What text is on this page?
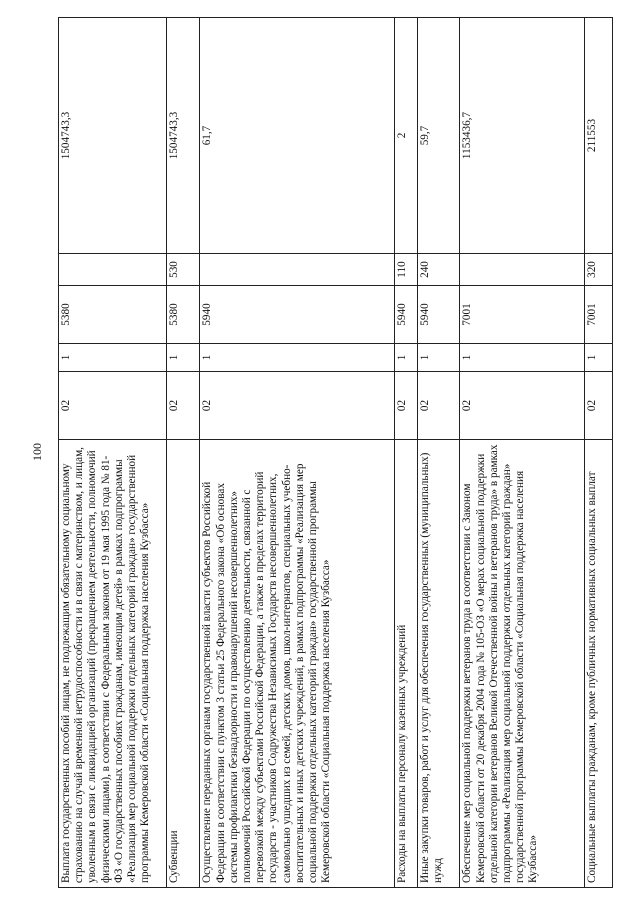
100
Выплата государственных пособий лицам, не подлежащим обязательному социальному страхованию на случай временной нетрудоспособности и в связи с материнством, и лицам, уволенным в связи с ликвидацией организаций (прекращением деятельности, полномочий физическими лицами), в соответствии с Федеральным законом от 19 мая 1995 года № 81-ФЗ «О государственных пособиях гражданам, имеющим детей» в рамках подпрограммы «Реализация мер социальной поддержки отдельных категорий граждан» государственной программы Кемеровской области «Социальная поддержка населения Кузбасса»	02	1	5380		1504743,3
Субвенции	02	1	5380	530	1504743,3
Осуществление переданных органам государственной власти субъектов Российской Федерации в соответствии с пунктом 3 статьи 25 Федерального закона «Об основах системы профилактики безнадзорности и правонарушений несовершеннолетних» полномочий Российской Федерации по осуществлению деятельности, связанной с перевозкой между субъектами Российской Федерации, а также в пределах территорий государств - участников Содружества Независимых Государств несовершеннолетних, самовольно ушедших из семей, детских домов, школ-интернатов, специальных учебно-воспитательных и иных детских учреждений, в рамках подпрограммы «Реализация мер социальной поддержки отдельных категорий граждан» государственной программы Кемеровской области «Социальная поддержка населения Кузбасса»	02	1	5940		61,7
Расходы на выплаты персоналу казенных учреждений	02	1	5940	110	2
Иные закупки товаров, работ и услуг для обеспечения государственных (муниципальных) нужд	02	1	5940	240	59,7
Обеспечение мер социальной поддержки ветеранов труда в соответствии с Законом Кемеровской области от 20 декабря 2004 года № 105-ОЗ «О мерах социальной поддержки отдельной категории ветеранов Великой Отечественной войны и ветеранов труда» в рамках подпрограммы «Реализация мер социальной поддержки отдельных категорий граждан» государственной программы Кемеровской области «Социальная поддержка населения Кузбасса»	02	1	7001		1153436,7
Социальные выплаты гражданам, кроме публичных нормативных социальных выплат	02	1	7001	320	211553
